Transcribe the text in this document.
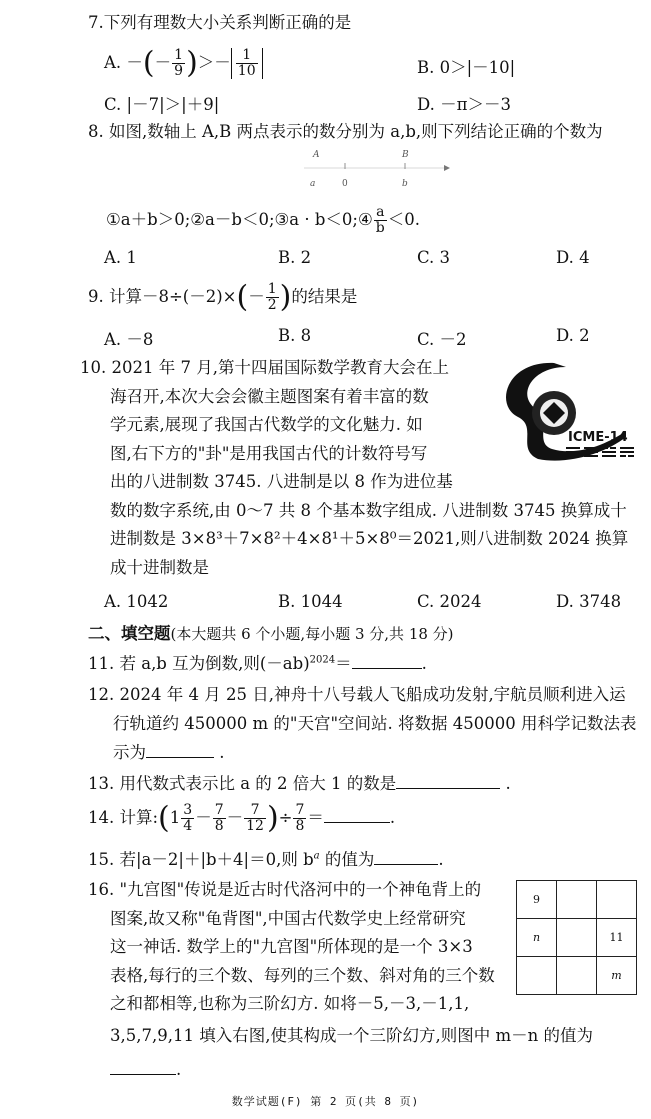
7.下列有理数大小关系判断正确的是
A. －(－ $\frac{1}{9}$ )＞－ $\frac{1}{10}$	B. 0＞|－10|
C. |－7|＞|＋9|	D. －π＞－3
8. 如图,数轴上 A,B 两点表示的数分别为 a,b,则下列结论正确的个数为
A	B
a	0	b
①a＋b＞0;②a－b＜0;③a · b＜0;④ $\frac{a}{b} <0$.
A. 1	B. 2	C. 3	D. 4
9. 计算$-8\div(-2)\times(- \frac{1}{2}$ )的结果是
A. －8	B. 8	C. －2	D. 2
10. 2021 年 7 月,第十四届国际数学教育大会在上
海召开,本次大会会徽主题图案有着丰富的数
学元素,展现了我国古代数学的文化魅力. 如
图,右下方的"卦"是用我国古代的计数符号写
出的八进制数 3745. 八进制是以 8 作为进位基
数的数字系统,由 0～7 共 8 个基本数字组成. 八进制数 3745 换算成十
进制数是 3×8³＋7×8²＋4×8¹＋5×8⁰＝2021,则八进制数 2024 换算
成十进制数是
ICME-14
A. 1042	B. 1044	C. 2024	D. 3748
二、填空题(本大题共 6 个小题,每小题 3 分,共 18 分)
11. 若 a,b 互为倒数,则$(-ab)^{2024}=$	.
12. 2024 年 4 月 25 日,神舟十八号载人飞船成功发射,宇航员顺利进入运
行轨道约 450000 m 的"天宫"空间站. 将数据 450000 用科学记数法表
示为	.
13. 用代数式表示比 a 的 2 倍大 1 的数是	.
14. 计算:(1 $\frac{3}{4} - \frac{7}{8} - \frac{7}{12}$ )÷ $\frac{7}{8}$ ＝	.
15. 若|a－2|＋|b＋4|＝0,则 $b^a$ 的值为	.
16. "九宫图"传说是近古时代洛河中的一个神龟背上的
图案,故又称"龟背图",中国古代数学史上经常研究
这一神话. 数学上的"九宫图"所体现的是一个 3×3
表格,每行的三个数、每列的三个数、斜对角的三个数
之和都相等,也称为三阶幻方. 如将－5,－3,－1,1,
3,5,7,9,11 填入右图,使其构成一个三阶幻方,则图中 m－n 的值为
.
9		
n		11
		m
数学试题(F) 第 2 页(共 8 页)
